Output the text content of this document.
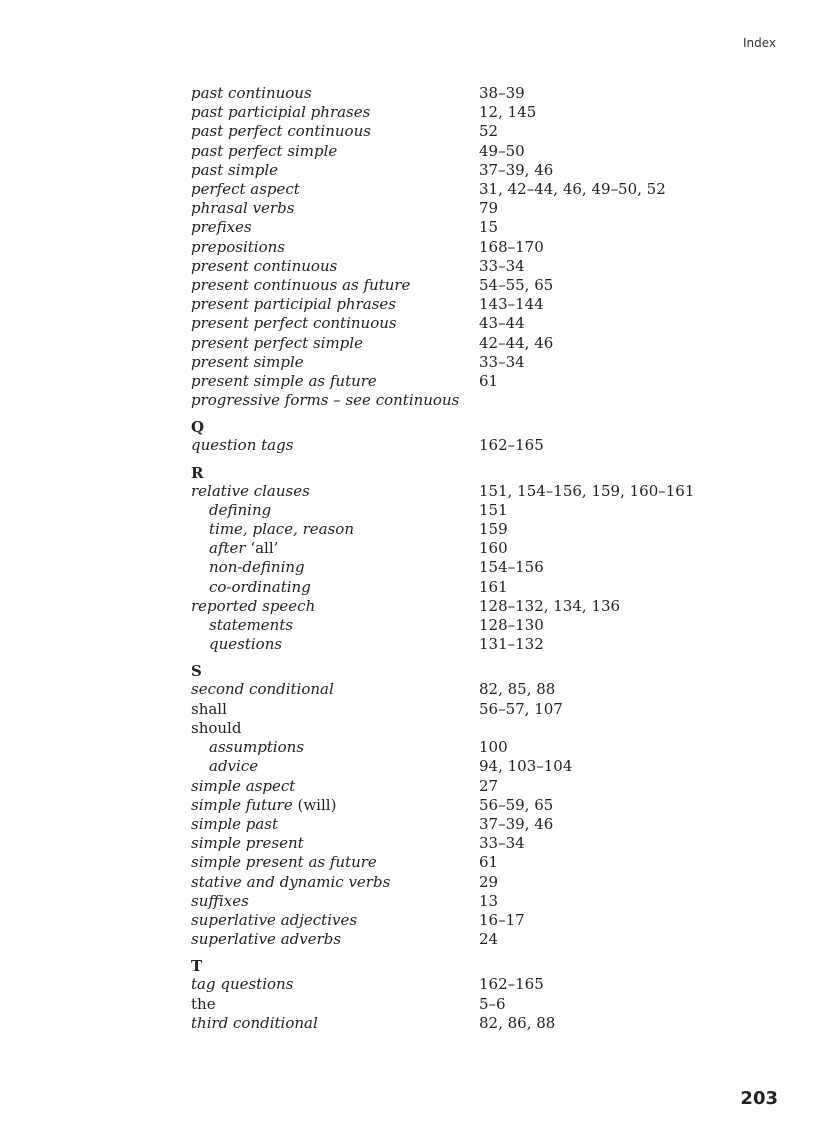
Index
past continuous	38–39
past participial phrases	12, 145
past perfect continuous	52
past perfect simple	49–50
past simple	37–39, 46
perfect aspect	31, 42–44, 46, 49–50, 52
phrasal verbs	79
prefixes	15
prepositions	168–170
present continuous	33–34
present continuous as future	54–55, 65
present participial phrases	143–144
present perfect continuous	43–44
present perfect simple	42–44, 46
present simple	33–34
present simple as future	61
progressive forms – see continuous
Q
question tags	162–165
R
relative clauses	151, 154–156, 159, 160–161
defining	151
time, place, reason	159
after ‘all’	160
non-defining	154–156
co-ordinating	161
reported speech	128–132, 134, 136
statements	128–130
questions	131–132
S
second conditional	82, 85, 88
shall	56–57, 107
should
assumptions	100
advice	94, 103–104
simple aspect	27
simple future (will)	56–59, 65
simple past	37–39, 46
simple present	33–34
simple present as future	61
stative and dynamic verbs	29
suffixes	13
superlative adjectives	16–17
superlative adverbs	24
T
tag questions	162–165
the	5–6
third conditional	82, 86, 88
203
